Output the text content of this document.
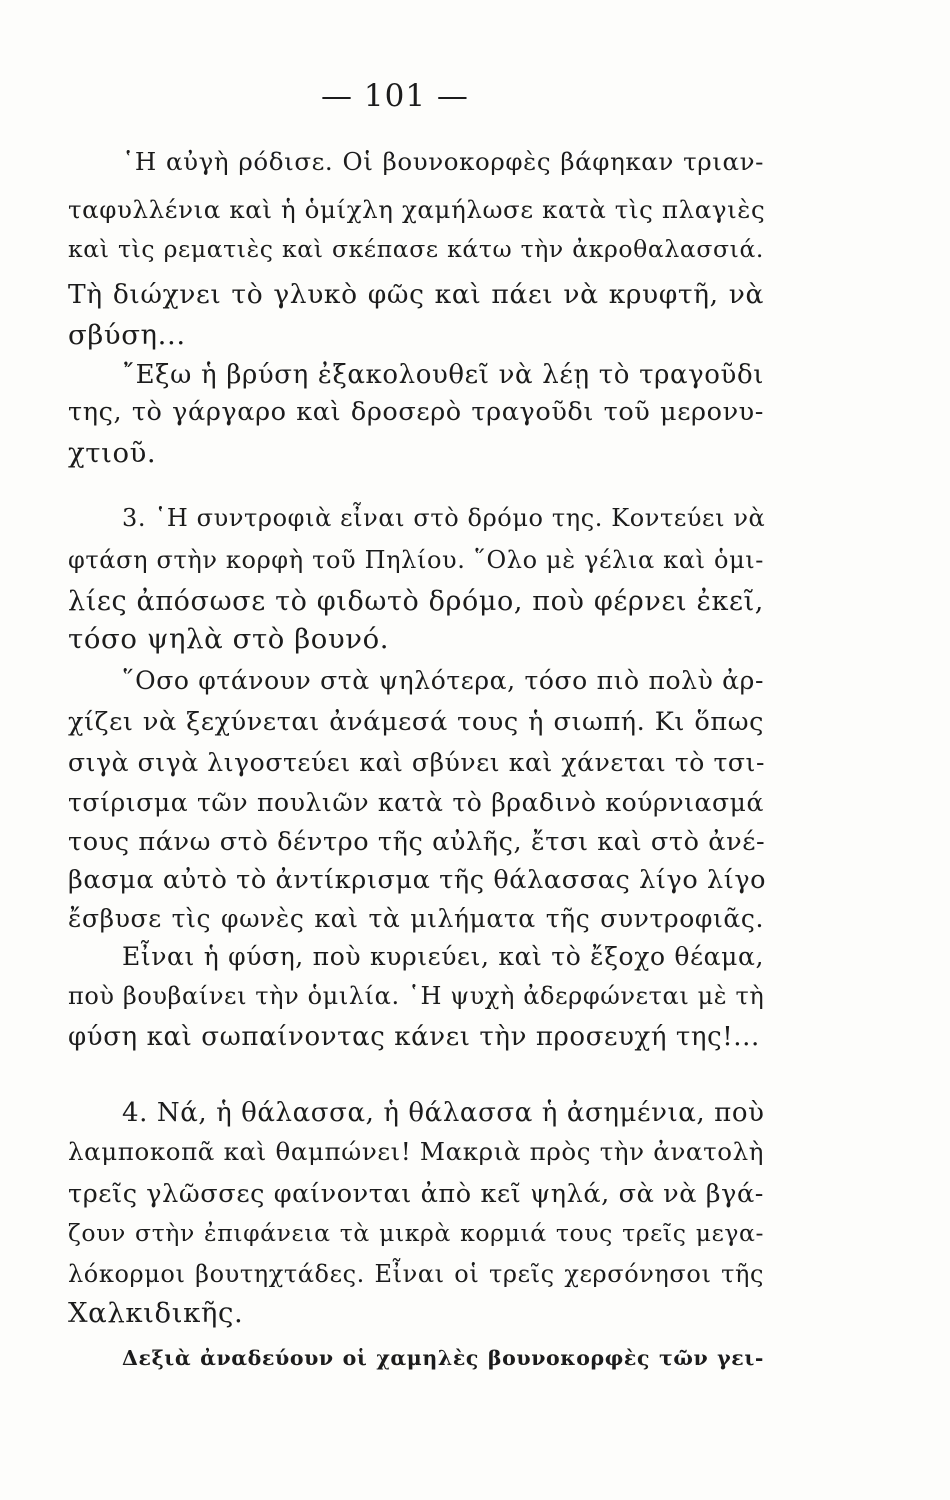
— 101 —

῾Η αὐγὴ ρόδισε. Οἱ βουνοκορφὲς βάφηκαν τριαν-

ταφυλλένια καὶ ἡ ὁμίχλη χαμήλωσε κατὰ τὶς πλαγιὲς

καὶ τὶς ρεματιὲς καὶ σκέπασε κάτω τὴν ἀκροθαλασσιά.

Τὴ διώχνει τὸ γλυκὸ φῶς καὶ πάει νὰ κρυφτῆ, νὰ

σβύση...

῎Εξω ἡ βρύση ἐξακολουθεῖ νὰ λέῃ τὸ τραγοῦδι

της, τὸ γάργαρο καὶ δροσερὸ τραγοῦδι τοῦ μερονυ-

χτιοῦ.

3. ῾Η συντροφιὰ εἶναι στὸ δρόμο της. Κοντεύει νὰ

φτάση στὴν κορφὴ τοῦ Πηλίου. ῞Ολο μὲ γέλια καὶ ὁμι-

λίες ἀπόσωσε τὸ φιδωτὸ δρόμο, ποὺ φέρνει ἐκεῖ,

τόσο ψηλὰ στὸ βουνό.

῞Οσο φτάνουν στὰ ψηλότερα, τόσο πιὸ πολὺ ἀρ-

χίζει νὰ ξεχύνεται ἀνάμεσά τους ἡ σιωπή. Κι ὅπως

σιγὰ σιγὰ λιγοστεύει καὶ σβύνει καὶ χάνεται τὸ τσι-

τσίρισμα τῶν πουλιῶν κατὰ τὸ βραδινὸ κούρνιασμά

τους πάνω στὸ δέντρο τῆς αὐλῆς, ἔτσι καὶ στὸ ἀνέ-

βασμα αὐτὸ τὸ ἀντίκρισμα τῆς θάλασσας λίγο λίγο

ἔσβυσε τὶς φωνὲς καὶ τὰ μιλήματα τῆς συντροφιᾶς.

Εἶναι ἡ φύση, ποὺ κυριεύει, καὶ τὸ ἔξοχο θέαμα,

ποὺ βουβαίνει τὴν ὁμιλία. ῾Η ψυχὴ ἀδερφώνεται μὲ τὴ

φύση καὶ σωπαίνοντας κάνει τὴν προσευχή της!...

4. Νά, ἡ θάλασσα, ἡ θάλασσα ἡ ἀσημένια, ποὺ

λαμποκοπᾶ καὶ θαμπώνει! Μακριὰ πρὸς τὴν ἀνατολὴ

τρεῖς γλῶσσες φαίνονται ἀπὸ κεῖ ψηλά, σὰ νὰ βγά-

ζουν στὴν ἐπιφάνεια τὰ μικρὰ κορμιά τους τρεῖς μεγα-

λόκορμοι βουτηχτάδες. Εἶναι οἱ τρεῖς χερσόνησοι τῆς

Χαλκιδικῆς.

Δεξιὰ ἀναδεύουν οἱ χαμηλὲς βουνοκορφὲς τῶν γει-
